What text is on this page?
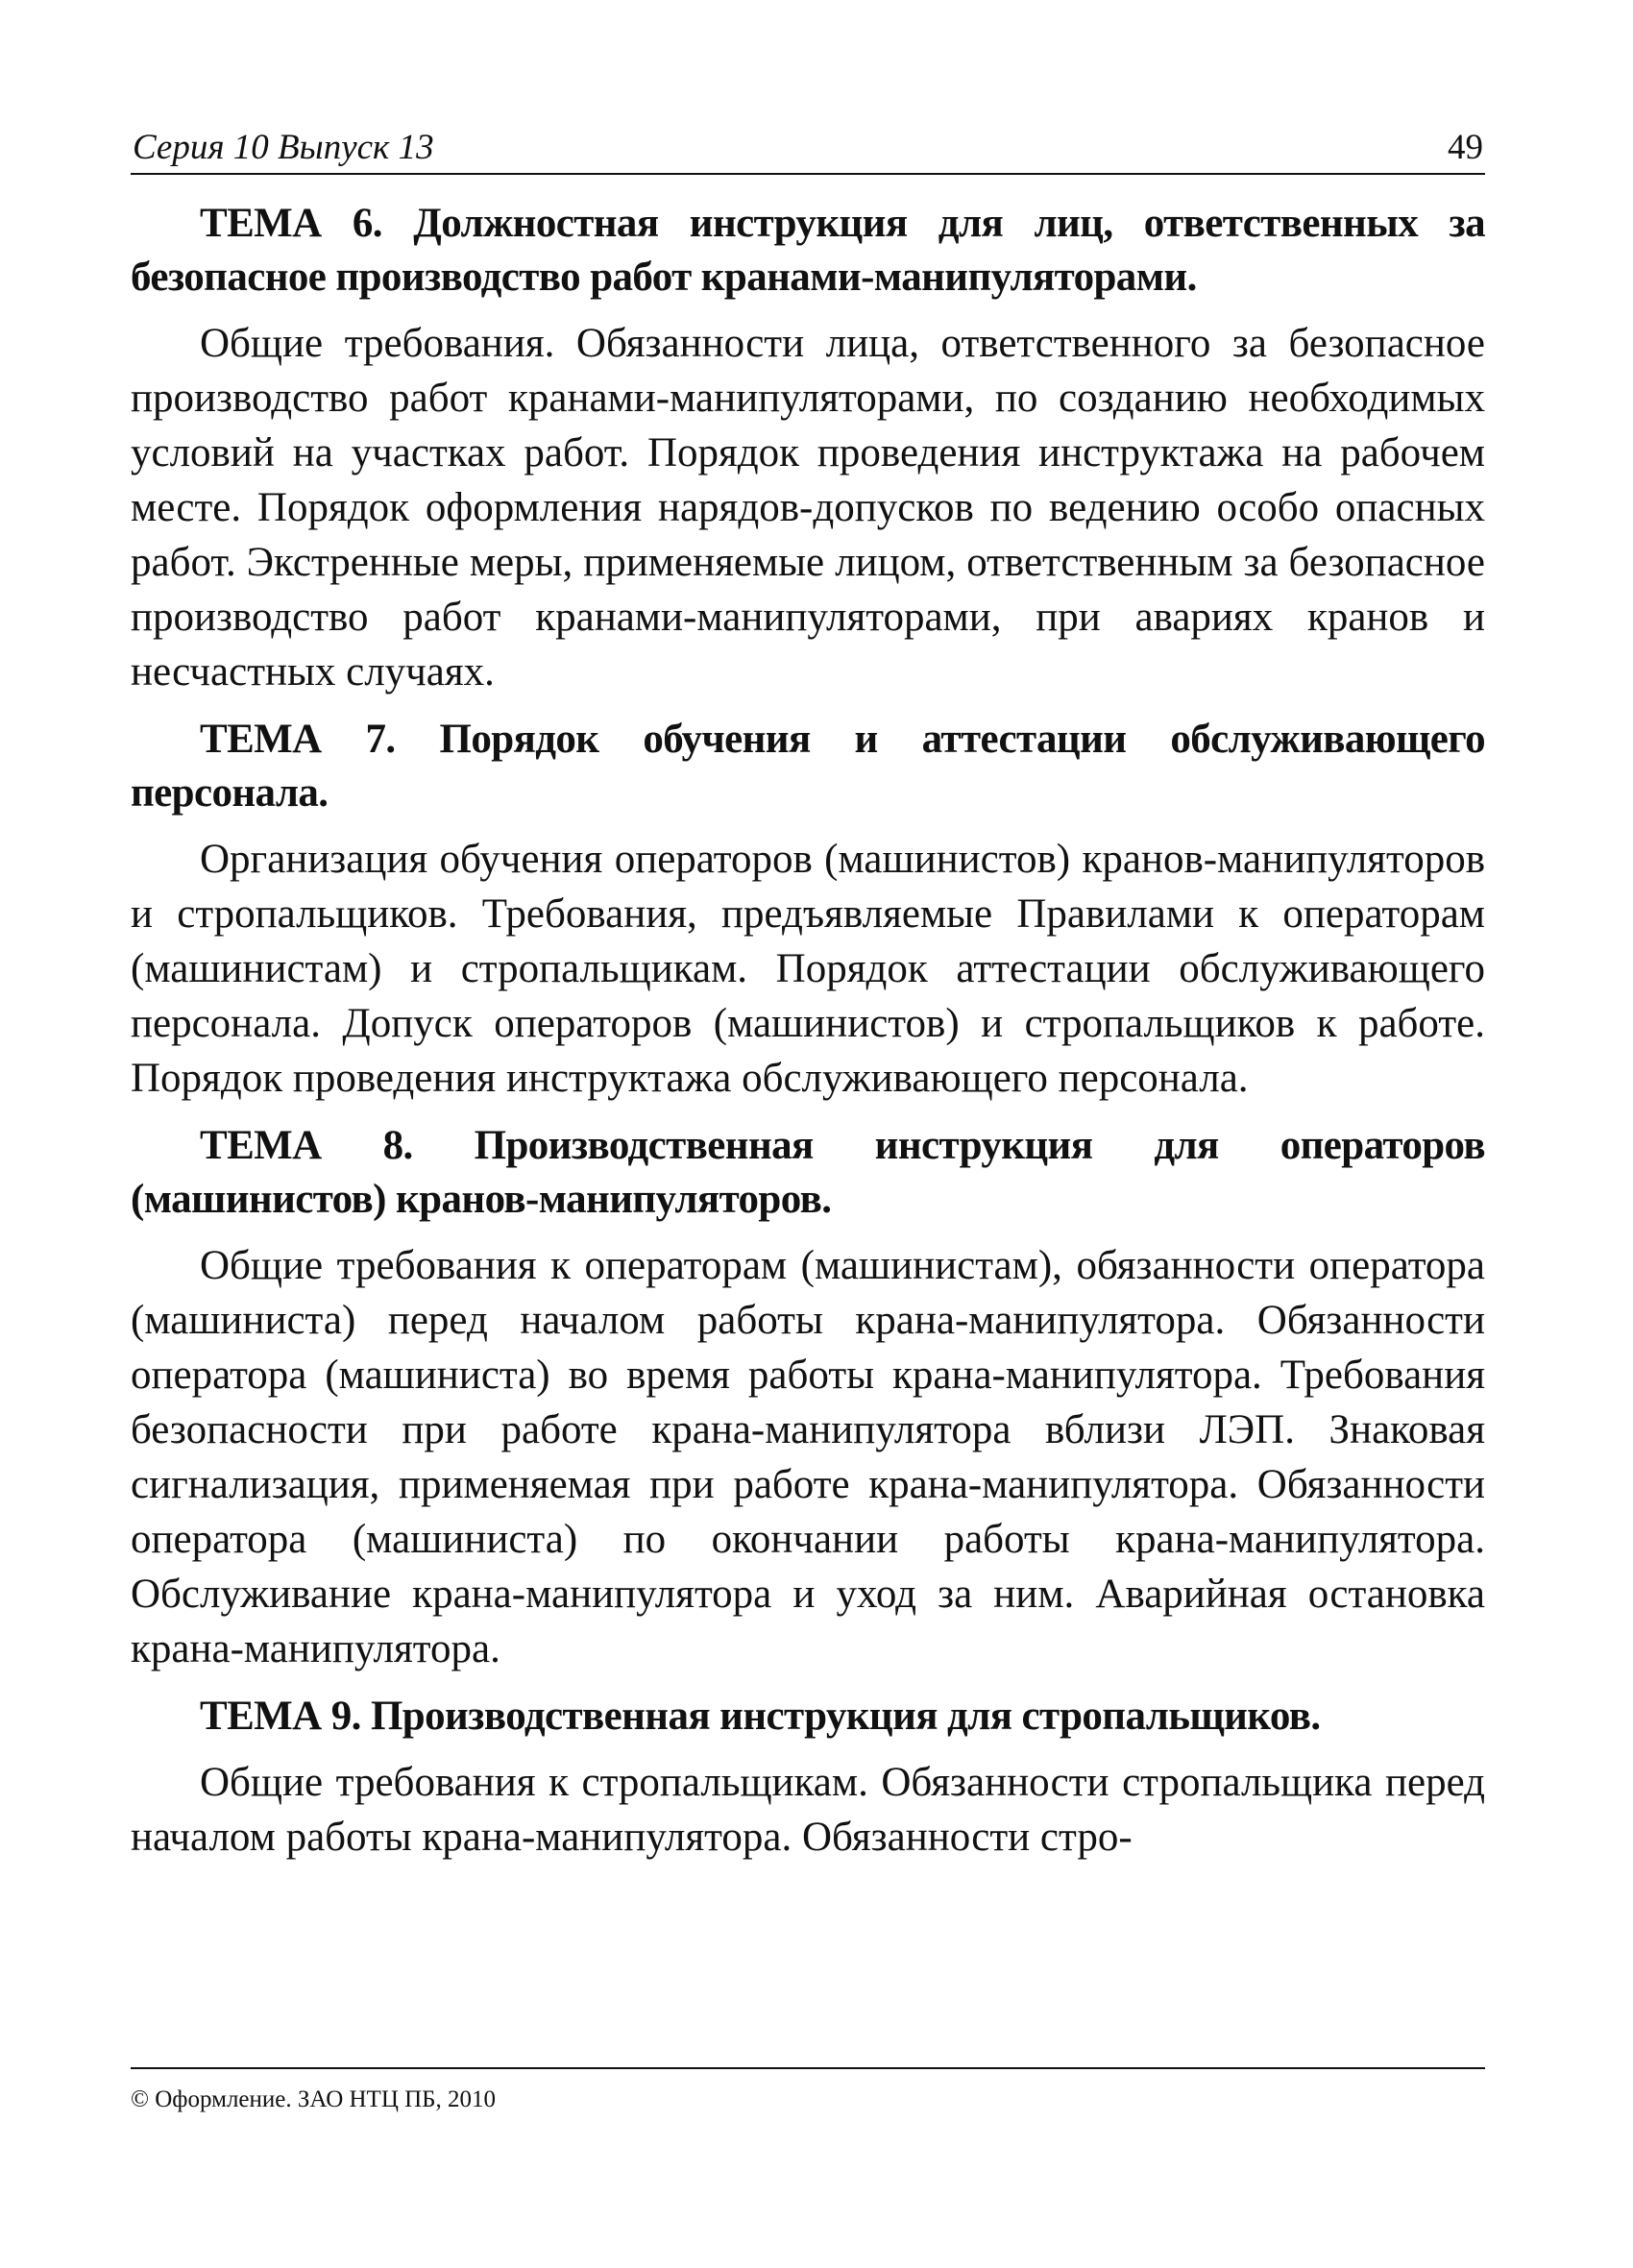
Серия 10 Выпуск 13	49

ТЕМА 6. Должностная инструкция для лиц, ответственных за безопасное производство работ кранами-манипуляторами.

Общие требования. Обязанности лица, ответственного за безопасное производство работ кранами-манипуляторами, по созданию необходимых условий на участках работ. Порядок проведения инструктажа на рабочем месте. Порядок оформления нарядов-допусков по ведению особо опасных работ. Экстренные меры, применяемые лицом, ответственным за безопасное производство работ кранами-манипуляторами, при авариях кранов и несчастных случаях.

ТЕМА 7. Порядок обучения и аттестации обслуживающего персонала.

Организация обучения операторов (машинистов) кранов-манипуляторов и стропальщиков. Требования, предъявляемые Правилами к операторам (машинистам) и стропальщикам. Порядок аттестации обслуживающего персонала. Допуск операторов (машинистов) и стропальщиков к работе. Порядок проведения инструктажа обслуживающего персонала.

ТЕМА 8. Производственная инструкция для операторов (машинистов) кранов-манипуляторов.

Общие требования к операторам (машинистам), обязанности оператора (машиниста) перед началом работы крана-манипулятора. Обязанности оператора (машиниста) во время работы крана-манипулятора. Требования безопасности при работе крана-манипулятора вблизи ЛЭП. Знаковая сигнализация, применяемая при работе крана-манипулятора. Обязанности оператора (машиниста) по окончании работы крана-манипулятора. Обслуживание крана-манипулятора и уход за ним. Аварийная остановка крана-манипулятора.

ТЕМА 9. Производственная инструкция для стропальщиков.

Общие требования к стропальщикам. Обязанности стропальщика перед началом работы крана-манипулятора. Обязанности стро-

© Оформление. ЗАО НТЦ ПБ, 2010
